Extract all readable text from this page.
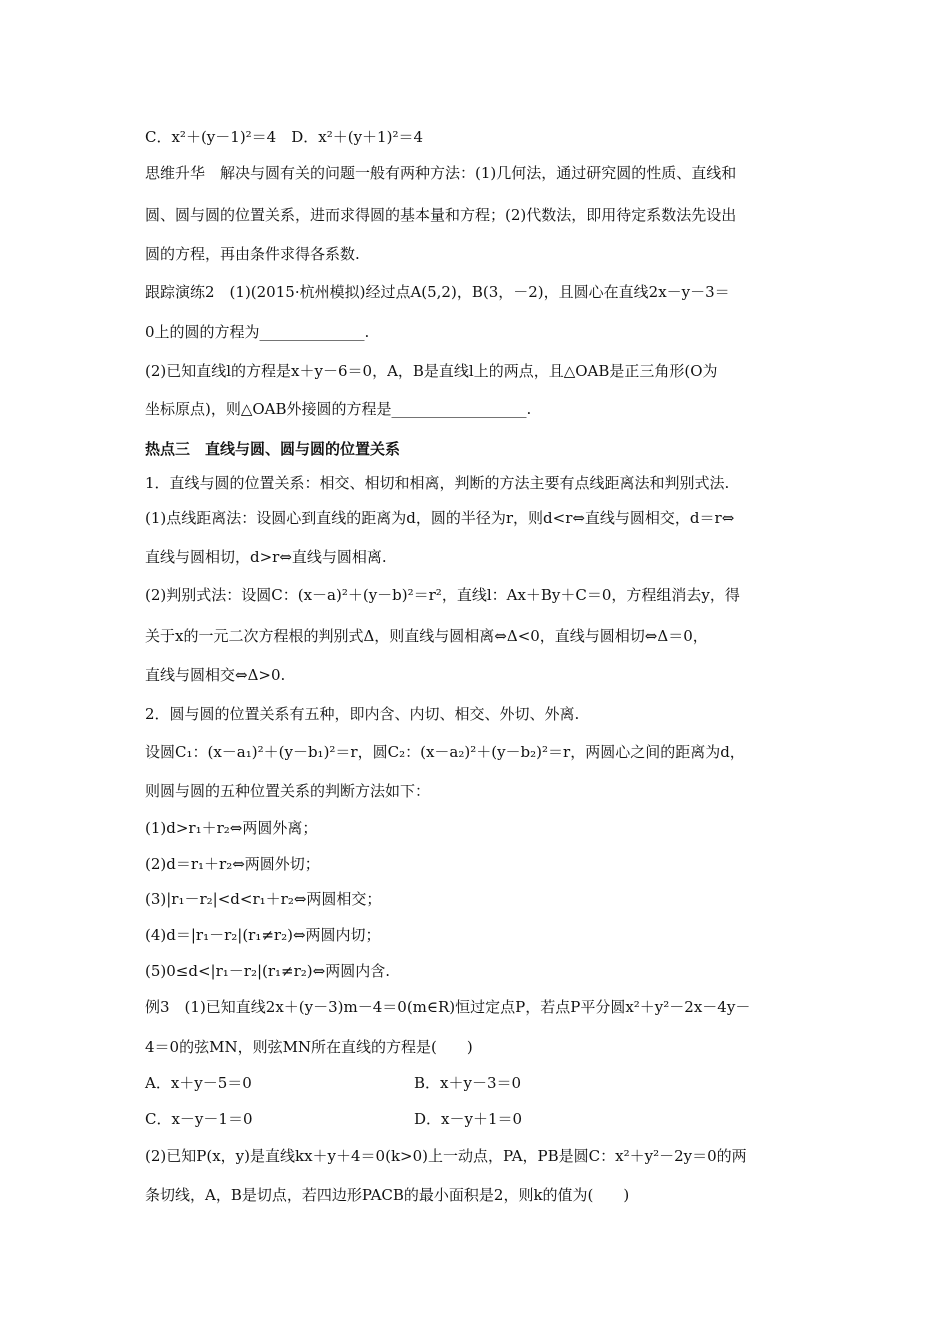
C．x²＋(y－1)²＝4　D．x²＋(y＋1)²＝4
思维升华　解决与圆有关的问题一般有两种方法：(1)几何法，通过研究圆的性质、直线和
圆、圆与圆的位置关系，进而求得圆的基本量和方程；(2)代数法，即用待定系数法先设出
圆的方程，再由条件求得各系数.
跟踪演练2　(1)(2015·杭州模拟)经过点A(5,2)，B(3，－2)，且圆心在直线2x－y－3＝
0上的圆的方程为______________.
(2)已知直线l的方程是x＋y－6＝0，A，B是直线l上的两点，且△OAB是正三角形(O为
坐标原点)，则△OAB外接圆的方程是__________________.
热点三　直线与圆、圆与圆的位置关系
1．直线与圆的位置关系：相交、相切和相离，判断的方法主要有点线距离法和判别式法.
(1)点线距离法：设圆心到直线的距离为d，圆的半径为r，则d<r⇔直线与圆相交，d＝r⇔
直线与圆相切，d>r⇔直线与圆相离.
(2)判别式法：设圆C：(x－a)²＋(y－b)²＝r²，直线l：Ax＋By＋C＝0，方程组消去y，得
关于x的一元二次方程根的判别式Δ，则直线与圆相离⇔Δ<0，直线与圆相切⇔Δ＝0，
直线与圆相交⇔Δ>0.
2．圆与圆的位置关系有五种，即内含、内切、相交、外切、外离.
设圆C₁：(x－a₁)²＋(y－b₁)²＝r，圆C₂：(x－a₂)²＋(y－b₂)²＝r，两圆心之间的距离为d，
则圆与圆的五种位置关系的判断方法如下：
(1)d>r₁＋r₂⇔两圆外离；
(2)d＝r₁＋r₂⇔两圆外切；
(3)|r₁－r₂|<d<r₁＋r₂⇔两圆相交；
(4)d＝|r₁－r₂|(r₁≠r₂)⇔两圆内切；
(5)0≤d<|r₁－r₂|(r₁≠r₂)⇔两圆内含.
例3　(1)已知直线2x＋(y－3)m－4＝0(m∈R)恒过定点P，若点P平分圆x²＋y²－2x－4y－
4＝0的弦MN，则弦MN所在直线的方程是(　　)
A．x＋y－5＝0	B．x＋y－3＝0
C．x－y－1＝0	D．x－y＋1＝0
(2)已知P(x，y)是直线kx＋y＋4＝0(k>0)上一动点，PA，PB是圆C：x²＋y²－2y＝0的两
条切线，A，B是切点，若四边形PACB的最小面积是2，则k的值为(　　)
